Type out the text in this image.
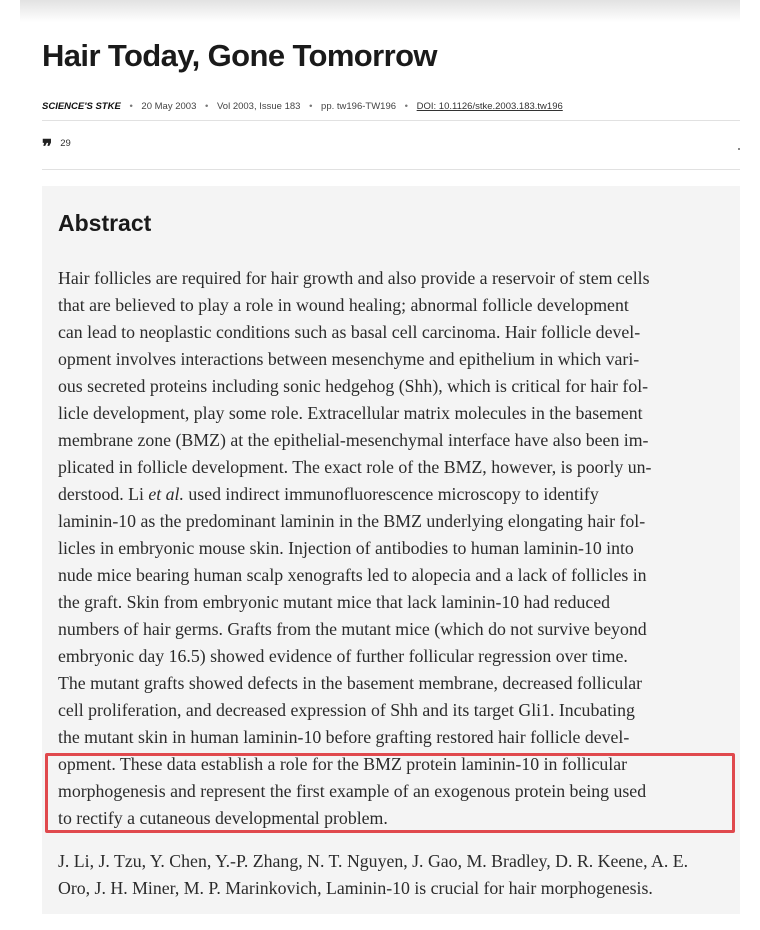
Hair Today, Gone Tomorrow
SCIENCE'S STKE • 20 May 2003 • Vol 2003, Issue 183 • pp. tw196-TW196 • DOI: 10.1126/stke.2003.183.tw196
❞ 29
Abstract
Hair follicles are required for hair growth and also provide a reservoir of stem cells
that are believed to play a role in wound healing; abnormal follicle development
can lead to neoplastic conditions such as basal cell carcinoma. Hair follicle devel-
opment involves interactions between mesenchyme and epithelium in which vari-
ous secreted proteins including sonic hedgehog (Shh), which is critical for hair fol-
licle development, play some role. Extracellular matrix molecules in the basement
membrane zone (BMZ) at the epithelial-mesenchymal interface have also been im-
plicated in follicle development. The exact role of the BMZ, however, is poorly un-
derstood. Li et al. used indirect immunofluorescence microscopy to identify
laminin-10 as the predominant laminin in the BMZ underlying elongating hair fol-
licles in embryonic mouse skin. Injection of antibodies to human laminin-10 into
nude mice bearing human scalp xenografts led to alopecia and a lack of follicles in
the graft. Skin from embryonic mutant mice that lack laminin-10 had reduced
numbers of hair germs. Grafts from the mutant mice (which do not survive beyond
embryonic day 16.5) showed evidence of further follicular regression over time.
The mutant grafts showed defects in the basement membrane, decreased follicular
cell proliferation, and decreased expression of Shh and its target Gli1. Incubating
the mutant skin in human laminin-10 before grafting restored hair follicle devel-
opment. These data establish a role for the BMZ protein laminin-10 in follicular
morphogenesis and represent the first example of an exogenous protein being used
to rectify a cutaneous developmental problem.
J. Li, J. Tzu, Y. Chen, Y.-P. Zhang, N. T. Nguyen, J. Gao, M. Bradley, D. R. Keene, A. E.
Oro, J. H. Miner, M. P. Marinkovich, Laminin-10 is crucial for hair morphogenesis.
